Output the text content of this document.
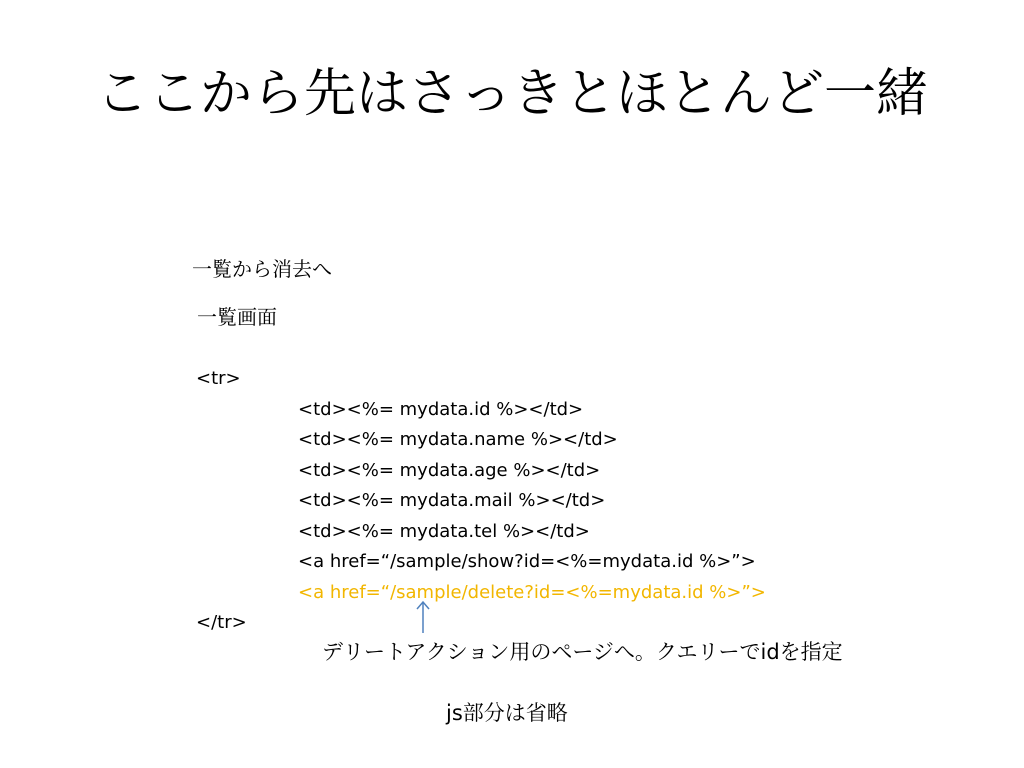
ここから先はさっきとほとんど一緒
一覧から消去へ
一覧画面
<tr>
<td><%= mydata.id %></td>
<td><%= mydata.name %></td>
<td><%= mydata.age %></td>
<td><%= mydata.mail %></td>
<td><%= mydata.tel %></td>
<a href=“/sample/show?id=<%=mydata.id %>”>
<a href=“/sample/delete?id=<%=mydata.id %>”>
</tr>
デリートアクション用のページへ。クエリーでidを指定
js部分は省略
